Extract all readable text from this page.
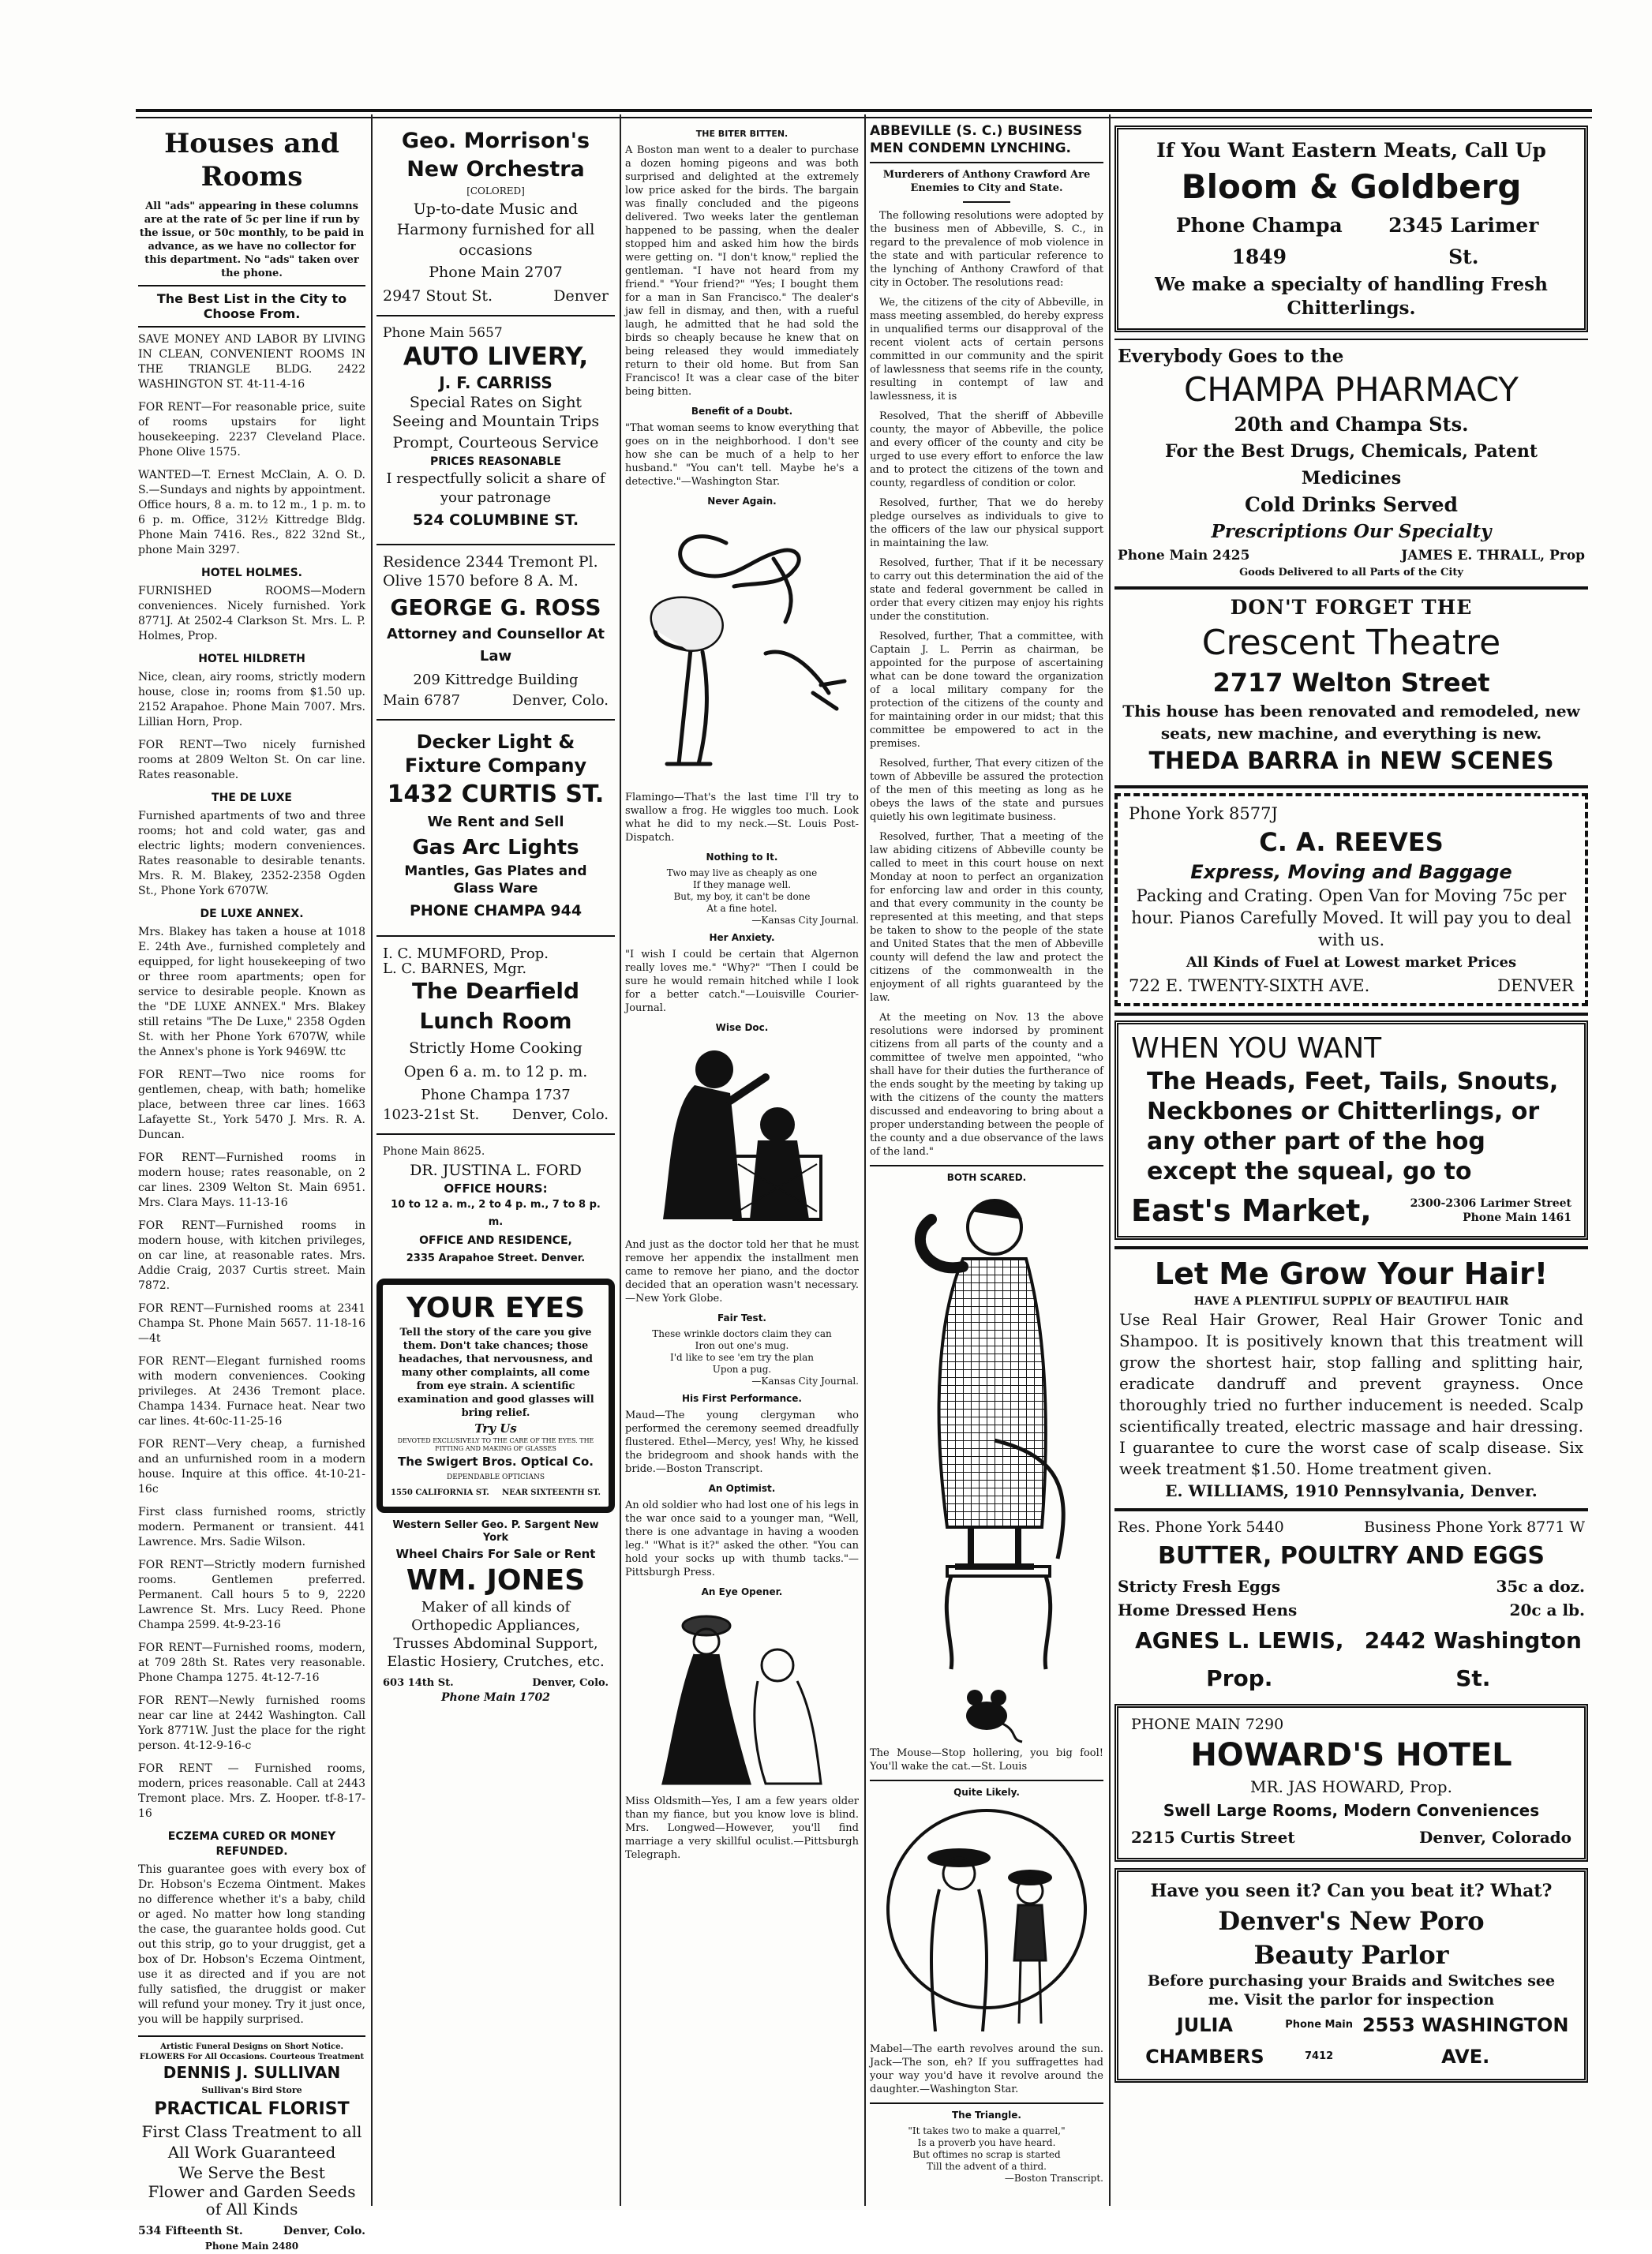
Houses and Rooms
All "ads" appearing in these columns are at the rate of 5c per line if run by the issue, or 50c monthly, to be paid in advance, as we have no collector for this department. No "ads" taken over the phone.
The Best List in the City to Choose From.
SAVE MONEY AND LABOR BY LIVING IN CLEAN, CONVENIENT ROOMS IN THE TRIANGLE BLDG. 2422 WASHINGTON ST. 4t-11-4-16
FOR RENT—For reasonable price, suite of rooms upstairs for light housekeeping. 2237 Cleveland Place. Phone Olive 1575.
WANTED—T. Ernest McClain, A. O. D. S.—Sundays and nights by appointment. Office hours, 8 a. m. to 12 m., 1 p. m. to 6 p. m. Office, 312½ Kittredge Bldg. Phone Main 7416. Res., 822 32nd St., phone Main 3297.
HOTEL HOLMES.
FURNISHED ROOMS—Modern conveniences. Nicely furnished. York 8771J. At 2502-4 Clarkson St. Mrs. L. P. Holmes, Prop.
HOTEL HILDRETH
Nice, clean, airy rooms, strictly modern house, close in; rooms from $1.50 up. 2152 Arapahoe. Phone Main 7007. Mrs. Lillian Horn, Prop.
FOR RENT—Two nicely furnished rooms at 2809 Welton St. On car line. Rates reasonable.
THE DE LUXE
Furnished apartments of two and three rooms; hot and cold water, gas and electric lights; modern conveniences. Rates reasonable to desirable tenants. Mrs. R. M. Blakey, 2352-2358 Ogden St., Phone York 6707W.
DE LUXE ANNEX.
Mrs. Blakey has taken a house at 1018 E. 24th Ave., furnished completely and equipped, for light housekeeping of two or three room apartments; open for service to desirable people. Known as the "DE LUXE ANNEX." Mrs. Blakey still retains "The De Luxe," 2358 Ogden St. with her Phone York 6707W, while the Annex's phone is York 9469W. ttc
FOR RENT—Two nice rooms for gentlemen, cheap, with bath; homelike place, between three car lines. 1663 Lafayette St., York 5470 J. Mrs. R. A. Duncan.
FOR RENT—Furnished rooms in modern house; rates reasonable, on 2 car lines. 2309 Welton St. Main 6951. Mrs. Clara Mays. 11-13-16
FOR RENT—Furnished rooms in modern house, with kitchen privileges, on car line, at reasonable rates. Mrs. Addie Craig, 2037 Curtis street. Main 7872.
FOR RENT—Furnished rooms at 2341 Champa St. Phone Main 5657. 11-18-16—4t
FOR RENT—Elegant furnished rooms with modern conveniences. Cooking privileges. At 2436 Tremont place. Champa 1434. Furnace heat. Near two car lines. 4t-60c-11-25-16
FOR RENT—Very cheap, a furnished and an unfurnished room in a modern house. Inquire at this office. 4t-10-21-16c
First class furnished rooms, strictly modern. Permanent or transient. 441 Lawrence. Mrs. Sadie Wilson.
FOR RENT—Strictly modern furnished rooms. Gentlemen preferred. Permanent. Call hours 5 to 9, 2220 Lawrence St. Mrs. Lucy Reed. Phone Champa 2599. 4t-9-23-16
FOR RENT—Furnished rooms, modern, at 709 28th St. Rates very reasonable. Phone Champa 1275. 4t-12-7-16
FOR RENT—Newly furnished rooms near car line at 2442 Washington. Call York 8771W. Just the place for the right person. 4t-12-9-16-c
FOR RENT — Furnished rooms, modern, prices reasonable. Call at 2443 Tremont place. Mrs. Z. Hooper. tf-8-17-16
ECZEMA CURED OR MONEY REFUNDED.
This guarantee goes with every box of Dr. Hobson's Eczema Ointment. Makes no difference whether it's a baby, child or aged. No matter how long standing the case, the guarantee holds good. Cut out this strip, go to your druggist, get a box of Dr. Hobson's Eczema Ointment, use it as directed and if you are not fully satisfied, the druggist or maker will refund your money. Try it just once, you will be happily surprised.
Artistic Funeral Designs on Short Notice. FLOWERS For All Occasions. Courteous Treatment
DENNIS J. SULLIVAN
Sullivan's Bird Store
PRACTICAL FLORIST
First Class Treatment to all
All Work Guaranteed
We Serve the Best
Flower and Garden Seeds of All Kinds
534 Fifteenth St.	Denver, Colo.
Phone Main 2480
Geo. Morrison's New Orchestra
[COLORED]
Up-to-date Music and Harmony furnished for all occasions
Phone Main 2707
2947 Stout St.	Denver
Phone Main 5657
AUTO LIVERY,
J. F. CARRISS
Special Rates on Sight Seeing and Mountain Trips
Prompt, Courteous Service
PRICES REASONABLE
I respectfully solicit a share of your patronage
524 COLUMBINE ST.
Residence 2344 Tremont Pl.
Olive 1570 before 8 A. M.
GEORGE G. ROSS
Attorney and Counsellor At Law
209 Kittredge Building
Main 6787	Denver, Colo.
Decker Light & Fixture Company
1432 CURTIS ST.
We Rent and Sell
Gas Arc Lights
Mantles, Gas Plates and Glass Ware
PHONE CHAMPA 944
I. C. MUMFORD, Prop.
L. C. BARNES, Mgr.
The Dearfield Lunch Room
Strictly Home Cooking
Open 6 a. m. to 12 p. m.
Phone Champa 1737
1023-21st St. Denver, Colo.
Phone Main 8625.
DR. JUSTINA L. FORD
OFFICE HOURS:
10 to 12 a. m., 2 to 4 p. m., 7 to 8 p. m.
OFFICE AND RESIDENCE,
2335 Arapahoe Street. Denver.
YOUR EYES
Tell the story of the care you give them. Don't take chances; those headaches, that nervousness, and many other complaints, all come from eye strain. A scientific examination and good glasses will bring relief.
Try Us
DEVOTED EXCLUSIVELY TO THE CARE OF THE EYES. THE FITTING AND MAKING OF GLASSES
The Swigert Bros. Optical Co.
DEPENDABLE OPTICIANS
1550 CALIFORNIA ST. NEAR SIXTEENTH ST.
Western Seller Geo. P. Sargent New York
Wheel Chairs For Sale or Rent
WM. JONES
Maker of all kinds of Orthopedic Appliances, Trusses Abdominal Support, Elastic Hosiery, Crutches, etc.
603 14th St.	Denver, Colo.
Phone Main 1702
THE BITER BITTEN.
A Boston man went to a dealer to purchase a dozen homing pigeons and was both surprised and delighted at the extremely low price asked for the birds. The bargain was finally concluded and the pigeons delivered. Two weeks later the gentleman happened to be passing, when the dealer stopped him and asked him how the birds were getting on. "I don't know," replied the gentleman. "I have not heard from my friend." "Your friend?" "Yes; I bought them for a man in San Francisco." The dealer's jaw fell in dismay, and then, with a rueful laugh, he admitted that he had sold the birds so cheaply because he knew that on being released they would immediately return to their old home. But from San Francisco! It was a clear case of the biter being bitten.
Benefit of a Doubt.
"That woman seems to know everything that goes on in the neighborhood. I don't see how she can be much of a help to her husband." "You can't tell. Maybe he's a detective."—Washington Star.
Never Again.
Flamingo—That's the last time I'll try to swallow a frog. He wiggles too much. Look what he did to my neck.—St. Louis Post-Dispatch.
Nothing to It.
Two may live as cheaply as one
If they manage well.
But, my boy, it can't be done
At a fine hotel.
—Kansas City Journal.
Her Anxiety.
"I wish I could be certain that Algernon really loves me." "Why?" "Then I could be sure he would remain hitched while I look for a better catch."—Louisville Courier-Journal.
Wise Doc.
And just as the doctor told her that he must remove her appendix the installment men came to remove her piano, and the doctor decided that an operation wasn't necessary.—New York Globe.
Fair Test.
These wrinkle doctors claim they can
Iron out one's mug.
I'd like to see 'em try the plan
Upon a pug.
—Kansas City Journal.
His First Performance.
Maud—The young clergyman who performed the ceremony seemed dreadfully flustered. Ethel—Mercy, yes! Why, he kissed the bridegroom and shook hands with the bride.—Boston Transcript.
An Optimist.
An old soldier who had lost one of his legs in the war once said to a younger man, "Well, there is one advantage in having a wooden leg." "What is it?" asked the other. "You can hold your socks up with thumb tacks."—Pittsburgh Press.
An Eye Opener.
Miss Oldsmith—Yes, I am a few years older than my fiance, but you know love is blind. Mrs. Longwed—However, you'll find marriage a very skillful oculist.—Pittsburgh Telegraph.
ABBEVILLE (S. C.) BUSINESS MEN CONDEMN LYNCHING.
Murderers of Anthony Crawford Are Enemies to City and State.
The following resolutions were adopted by the business men of Abbeville, S. C., in regard to the prevalence of mob violence in the state and with particular reference to the lynching of Anthony Crawford of that city in October. The resolutions read:
We, the citizens of the city of Abbeville, in mass meeting assembled, do hereby express in unqualified terms our disapproval of the recent violent acts of certain persons committed in our community and the spirit of lawlessness that seems rife in the county, resulting in contempt of law and lawlessness, it is
Resolved, That the sheriff of Abbeville county, the mayor of Abbeville, the police and every officer of the county and city be urged to use every effort to enforce the law and to protect the citizens of the town and county, regardless of condition or color.
Resolved, further, That we do hereby pledge ourselves as individuals to give to the officers of the law our physical support in maintaining the law.
Resolved, further, That if it be necessary to carry out this determination the aid of the state and federal government be called in order that every citizen may enjoy his rights under the constitution.
Resolved, further, That a committee, with Captain J. L. Perrin as chairman, be appointed for the purpose of ascertaining what can be done toward the organization of a local military company for the protection of the citizens of the county and for maintaining order in our midst; that this committee be empowered to act in the premises.
Resolved, further, That every citizen of the town of Abbeville be assured the protection of the men of this meeting as long as he obeys the laws of the state and pursues quietly his own legitimate business.
Resolved, further, That a meeting of the law abiding citizens of Abbeville county be called to meet in this court house on next Monday at noon to perfect an organization for enforcing law and order in this county, and that every community in the county be represented at this meeting, and that steps be taken to show to the people of the state and United States that the men of Abbeville county will defend the law and protect the citizens of the commonwealth in the enjoyment of all rights guaranteed by the law.
At the meeting on Nov. 13 the above resolutions were indorsed by prominent citizens from all parts of the county and a committee of twelve men appointed, "who shall have for their duties the furtherance of the ends sought by the meeting by taking up with the citizens of the county the matters discussed and endeavoring to bring about a proper understanding between the people of the county and a due observance of the laws of the land."
BOTH SCARED.
The Mouse—Stop hollering, you big fool! You'll wake the cat.—St. Louis
Quite Likely.
Mabel—The earth revolves around the sun. Jack—The son, eh? If you suffragettes had your way you'd have it revolve around the daughter.—Washington Star.
The Triangle.
"It takes two to make a quarrel,"
Is a proverb you have heard.
But oftimes no scrap is started
Till the advent of a third.
—Boston Transcript.
If You Want Eastern Meats, Call Up
Bloom & Goldberg
Phone Champa 1849
2345 Larimer St.
We make a specialty of handling Fresh Chitterlings.
Everybody Goes to the
CHAMPA PHARMACY
20th and Champa Sts.
For the Best Drugs, Chemicals, Patent Medicines
Cold Drinks Served
Prescriptions Our Specialty
Phone Main 2425	JAMES E. THRALL, Prop
Goods Delivered to all Parts of the City
DON'T FORGET THE
Crescent Theatre
2717 Welton Street
This house has been renovated and remodeled, new seats, new machine, and everything is new.
THEDA BARRA in NEW SCENES
Phone York 8577J
C. A. REEVES
Express, Moving and Baggage
Packing and Crating. Open Van for Moving 75c per hour. Pianos Carefully Moved. It will pay you to deal with us.
All Kinds of Fuel at Lowest market Prices
722 E. TWENTY-SIXTH AVE.	DENVER
WHEN YOU WANT
The Heads, Feet, Tails, Snouts, Neckbones or Chitterlings, or any other part of the hog except the squeal, go to
East's Market,	2300-2306 Larimer Street
Phone Main 1461
Let Me Grow Your Hair!
HAVE A PLENTIFUL SUPPLY OF BEAUTIFUL HAIR
Use Real Hair Grower, Real Hair Grower Tonic and Shampoo. It is positively known that this treatment will grow the shortest hair, stop falling and splitting hair, eradicate dandruff and prevent grayness. Once thoroughly tried no further inducement is needed. Scalp scientifically treated, electric massage and hair dressing. I guarantee to cure the worst case of scalp disease. Six week treatment $1.50. Home treatment given.
E. WILLIAMS, 1910 Pennsylvania, Denver.
Res. Phone York 5440	Business Phone York 8771 W
BUTTER, POULTRY AND EGGS
Stricty Fresh Eggs	35c a doz.
Home Dressed Hens	20c a lb.
AGNES L. LEWIS, Prop.
2442 Washington St.
PHONE MAIN 7290
HOWARD'S HOTEL
MR. JAS HOWARD, Prop.
Swell Large Rooms, Modern Conveniences
2215 Curtis Street	Denver, Colorado
Have you seen it? Can you beat it? What?
Denver's New Poro
Beauty Parlor
Before purchasing your Braids and Switches see me. Visit the parlor for inspection
JULIA CHAMBERS
Phone Main 7412
2553 WASHINGTON AVE.
